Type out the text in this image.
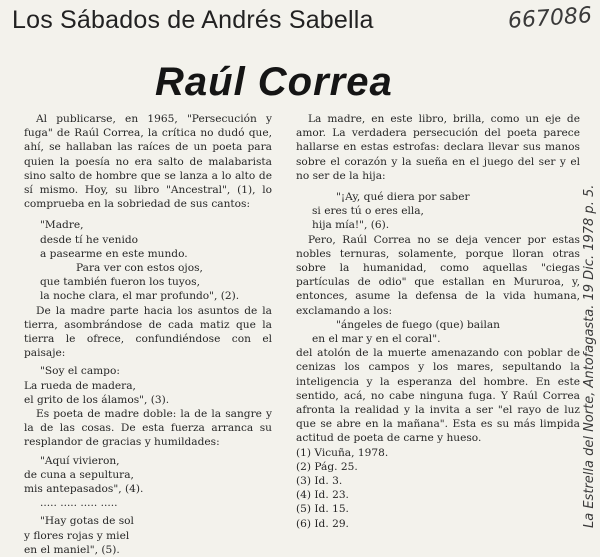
Los Sábados de Andrés Sabella	667086
La Estrella del Norte, Antofagasta. 19 Dic. 1978 p. 5.
Raúl Correa

Al publicarse, en 1965, "Persecución y fuga" de Raúl Correa, la crítica no dudó que, ahí, se hallaban las raíces de un poeta para quien la poesía no era salto de malabarista sino salto de hombre que se lanza a lo alto de sí mismo. Hoy, su libro "Ancestral", (1), lo comprueba en la sobriedad de sus cantos:

"Madre,

desde tí he venido

a pasearme en este mundo.

Para ver con estos ojos,

que también fueron los tuyos,

la noche clara, el mar profundo", (2).

De la madre parte hacia los asuntos de la tierra, asombrándose de cada matiz que la tierra le ofrece, confundiéndose con el paisaje:

"Soy el campo:

La rueda de madera,

el grito de los álamos", (3).

Es poeta de madre doble: la de la sangre y la de las cosas. De esta fuerza arranca su resplandor de gracias y humildades:

"Aquí vivieron,

de cuna a sepultura,

mis antepasados", (4).

..... ..... ..... .....

"Hay gotas de sol

y flores rojas y miel

en el maniel", (5).

La madre, en este libro, brilla, como un eje de amor. La verdadera persecución del poeta parece hallarse en estas estrofas: declara llevar sus manos sobre el corazón y la sueña en el juego del ser y el no ser de la hija:

"¡Ay, qué diera por saber

si eres tú o eres ella,

hija mía!", (6).

Pero, Raúl Correa no se deja vencer por estas nobles ternuras, solamente, porque lloran otras sobre la humanidad, como aquellas "ciegas partículas de odio" que estallan en Mururoa, y, entonces, asume la defensa de la vida humana, exclamando a los:

"ángeles de fuego (que) bailan

en el mar y en el coral".

del atolón de la muerte amenazando con poblar de cenizas los campos y los mares, sepultando la inteligencia y la esperanza del hombre. En este sentido, acá, no cabe ninguna fuga. Y Raúl Correa afronta la realidad y la invita a ser "el rayo de luz que se abre en la mañana". Esta es su más limpida actitud de poeta de carne y hueso.

(1) Vicuña, 1978.

(2) Pág. 25.

(3) Id. 3.

(4) Id. 23.

(5) Id. 15.

(6) Id. 29.
